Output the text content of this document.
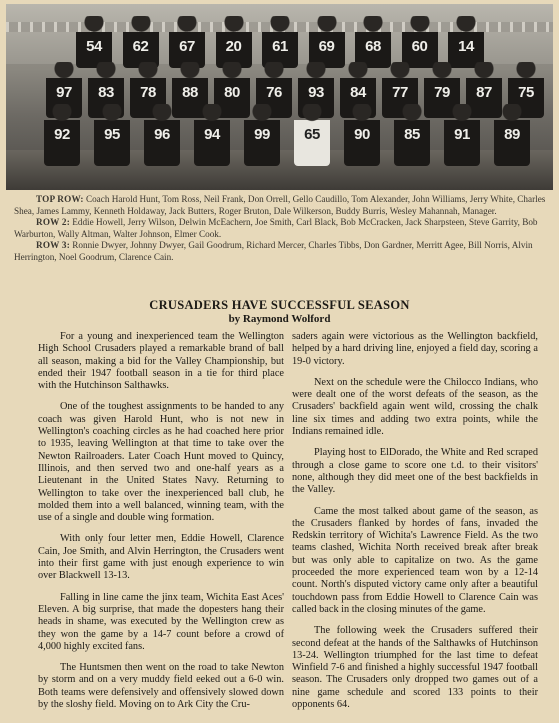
54	62	67	20	61	69	68	60	14
97	83	78	88	80	76	93	84	77	79	87	75
92	95	96	94	99	65	90	85	91	89

TOP ROW: Coach Harold Hunt, Tom Ross, Neil Frank, Don Orrell, Gello Caudillo, Tom Alexander, John Williams, Jerry White, Charles Shea, James Lammy, Kenneth Holdaway, Jack Butters, Roger Bruton, Dale Wilkerson, Buddy Burris, Wesley Mahannah, Manager.

ROW 2: Eddie Howell, Jerry Wilson, Delwin McEachern, Joe Smith, Carl Black, Bob McCracken, Jack Sharpsteen, Steve Garrity, Bob Warburton, Wally Altman, Walter Johnson, Elmer Cook.

ROW 3: Ronnie Dwyer, Johnny Dwyer, Gail Goodrum, Richard Mercer, Charles Tibbs, Don Gardner, Merritt Agee, Bill Norris, Alvin Herrington, Noel Goodrum, Clarence Cain.

CRUSADERS HAVE SUCCESSFUL SEASON
by Raymond Wolford

For a young and inexperienced team the Wellington High School Crusaders played a remarkable brand of ball all season, making a bid for the Valley Championship, but ended their 1947 football season in a tie for third place with the Hutchinson Salthawks.

One of the toughest assignments to be handed to any coach was given Harold Hunt, who is not new in Wellington's coaching circles as he had coached here prior to 1935, leaving Wellington at that time to take over the Newton Railroaders. Later Coach Hunt moved to Quincy, Illinois, and then served two and one-half years as a Lieutenant in the United States Navy. Returning to Wellington to take over the inexperienced ball club, he molded them into a well balanced, winning team, with the use of a single and double wing formation.

With only four letter men, Eddie Howell, Clarence Cain, Joe Smith, and Alvin Herrington, the Crusaders went into their first game with just enough experience to win over Blackwell 13-13.

Falling in line came the jinx team, Wichita East Aces' Eleven. A big surprise, that made the dopesters hang their heads in shame, was executed by the Wellington crew as they won the game by a 14-7 count before a crowd of 4,000 highly excited fans.

The Huntsmen then went on the road to take Newton by storm and on a very muddy field eeked out a 6-0 win. Both teams were defensively and offensively slowed down by the sloshy field. Moving on to Ark City the Cru-

saders again were victorious as the Wellington backfield, helped by a hard driving line, enjoyed a field day, scoring a 19-0 victory.

Next on the schedule were the Chilocco Indians, who were dealt one of the worst defeats of the season, as the Crusaders' backfield again went wild, crossing the chalk line six times and adding two extra points, while the Indians remained idle.

Playing host to ElDorado, the White and Red scraped through a close game to score one t.d. to their visitors' none, although they did meet one of the best backfields in the Valley.

Came the most talked about game of the season, as the Crusaders flanked by hordes of fans, invaded the Redskin territory of Wichita's Lawrence Field. As the two teams clashed, Wichita North received break after break but was only able to capitalize on two. As the game proceeded the more experienced team won by a 12-14 count. North's disputed victory came only after a beautiful touchdown pass from Eddie Howell to Clarence Cain was called back in the closing minutes of the game.

The following week the Crusaders suffered their second defeat at the hands of the Salthawks of Hutchinson 13-24. Wellington triumphed for the last time to defeat Winfield 7-6 and finished a highly successful 1947 football season. The Crusaders only dropped two games out of a nine game schedule and scored 133 points to their opponents 64.
